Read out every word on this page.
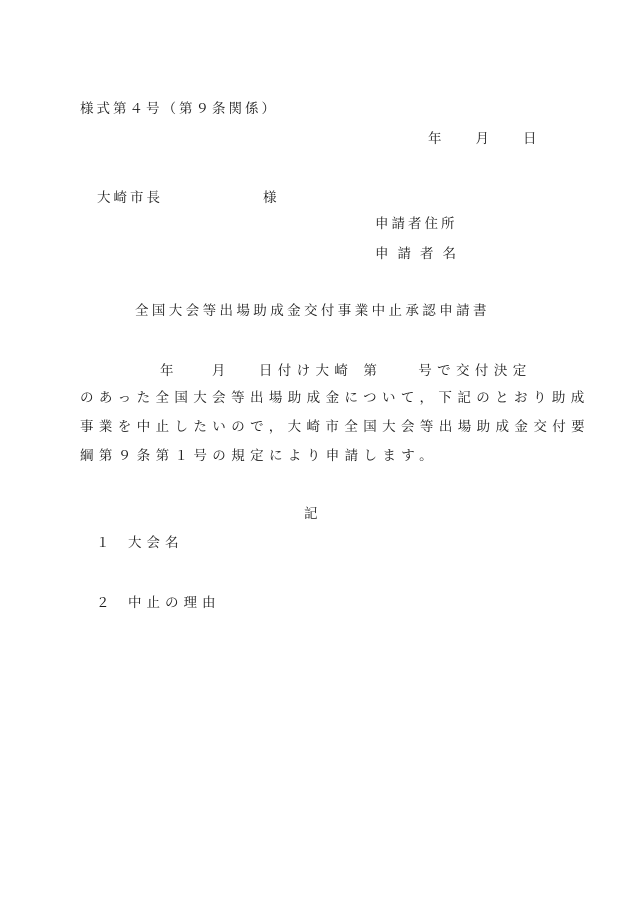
様式第４号（第９条関係）
年	月	日
大崎市長	様
申請者住所
申請者名
全国大会等出場助成金交付事業中止承認申請書
年 月 日付け大崎 第	号で交付決定
のあった全国大会等出場助成金について，下記のとおり助成
事業を中止したいので，大崎市全国大会等出場助成金交付要
綱第９条第１号の規定により申請します。
記
１ 大会名
２ 中止の理由
